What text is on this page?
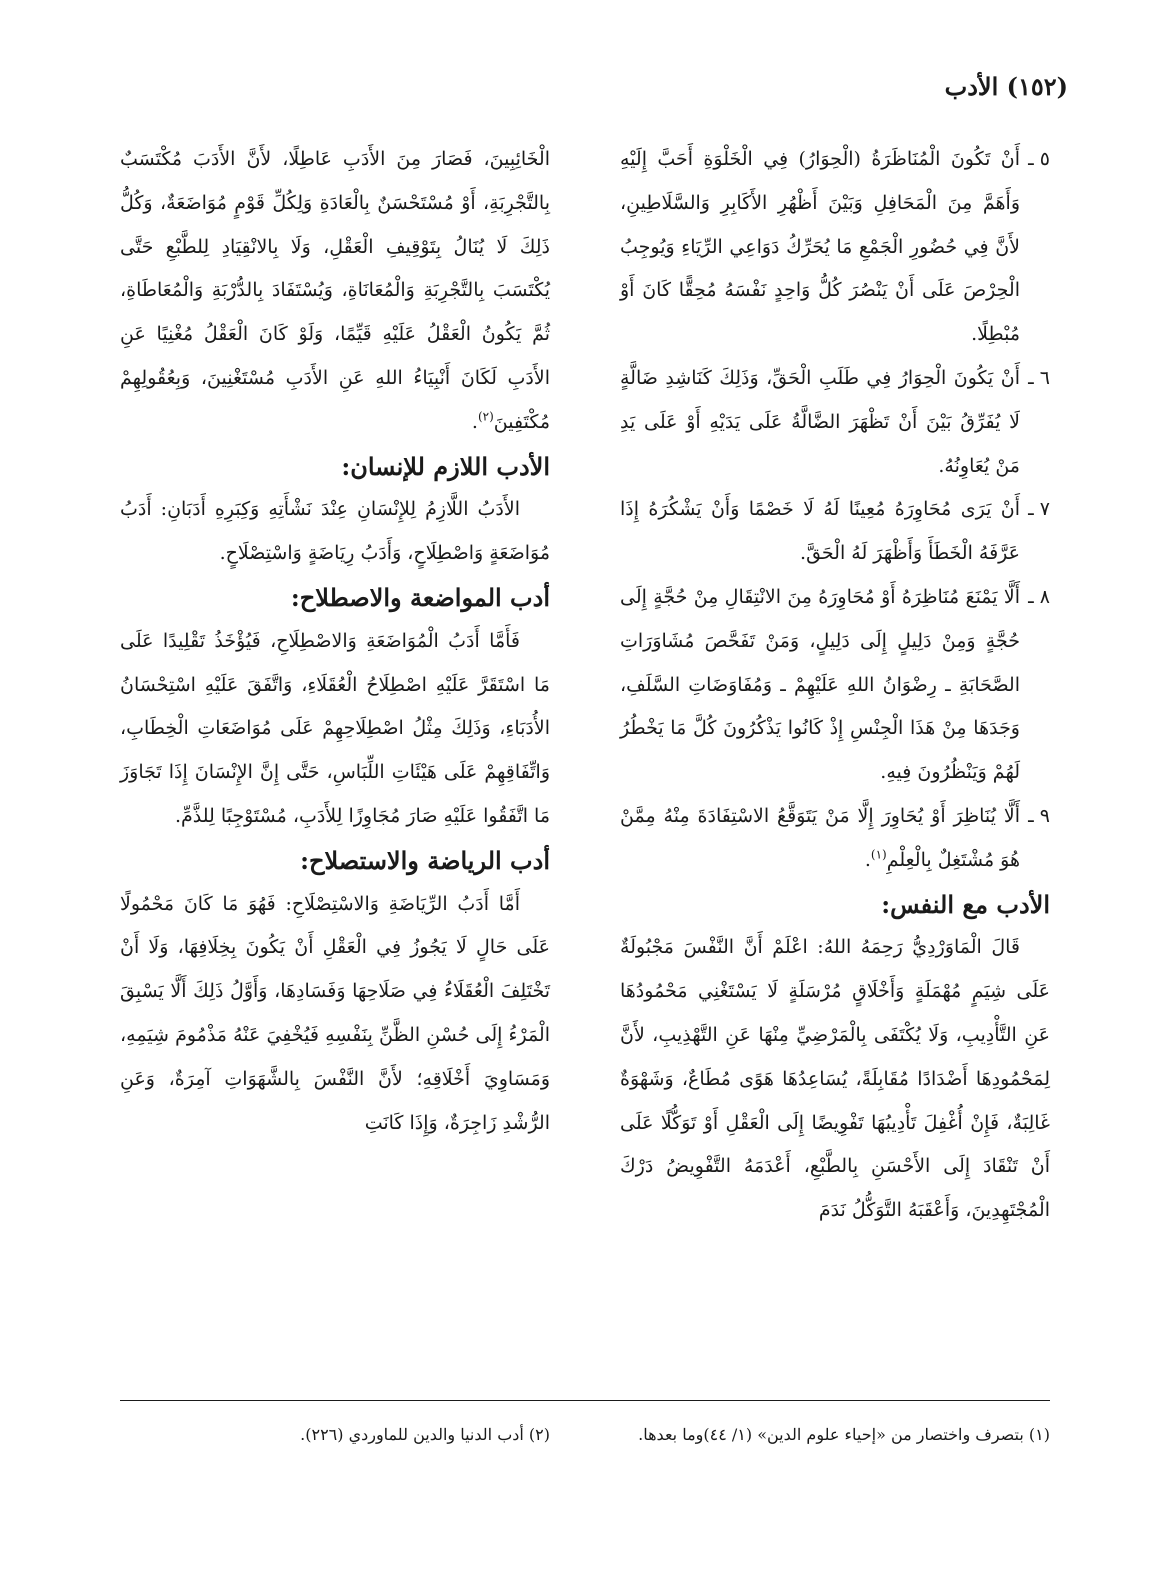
(١٥٢) الأدب
٥ ـ
أَنْ تَكُونَ الْمُنَاظَرَةُ (الْحِوَارُ) فِي الْخَلْوَةِ أَحَبَّ إِلَيْهِ وَأَهَمَّ مِنَ الْمَحَافِلِ وَبَيْنَ أَظْهُرِ الأَكَابِرِ وَالسَّلَاطِينِ، لأَنَّ فِي حُضُورِ الْجَمْعِ مَا يُحَرِّكُ دَوَاعِي الرِّيَاءِ وَيُوجِبُ الْحِرْصَ عَلَى أَنْ يَنْصُرَ كُلُّ وَاحِدٍ نَفْسَهُ مُحِقًّا كَانَ أَوْ مُبْطِلًا.
٦ ـ
أَنْ يَكُونَ الْحِوَارُ فِي طَلَبِ الْحَقِّ، وَذَلِكَ كَنَاشِدِ ضَالَّةٍ لَا يُفَرِّقُ بَيْنَ أَنْ تَظْهَرَ الضَّالَّةُ عَلَى يَدَيْهِ أَوْ عَلَى يَدِ مَنْ يُعَاوِنُهُ.
٧ ـ
أَنْ يَرَى مُحَاوِرَهُ مُعِينًا لَهُ لَا خَصْمًا وَأَنْ يَشْكُرَهُ إِذَا عَرَّفَهُ الْخَطَأَ وَأَظْهَرَ لَهُ الْحَقَّ.
٨ ـ
أَلَّا يَمْنَعَ مُنَاظِرَهُ أَوْ مُحَاوِرَهُ مِنَ الانْتِقَالِ مِنْ حُجَّةٍ إِلَى حُجَّةٍ وَمِنْ دَلِيلٍ إِلَى دَلِيلٍ، وَمَنْ تَفَحَّصَ مُشَاوَرَاتِ الصَّحَابَةِ ـ رِضْوَانُ اللهِ عَلَيْهِمْ ـ وَمُفَاوَضَاتِ السَّلَفِ، وَجَدَهَا مِنْ هَذَا الْجِنْسِ إِذْ كَانُوا يَذْكُرُونَ كُلَّ مَا يَخْطُرُ لَهُمْ وَيَنْظُرُونَ فِيهِ.
٩ ـ
أَلَّا يُنَاظِرَ أَوْ يُحَاوِرَ إِلَّا مَنْ يَتَوَقَّعُ الاسْتِفَادَةَ مِنْهُ مِمَّنْ هُوَ مُشْتَغِلٌ بِالْعِلْمِ$^{(١)}$.
الأدب مع النفس:

قَالَ الْمَاوَرْدِيُّ رَحِمَهُ اللهُ: اعْلَمْ أَنَّ النَّفْسَ مَجْبُولَةٌ عَلَى شِيَمٍ مُهْمَلَةٍ وَأَخْلَاقٍ مُرْسَلَةٍ لَا يَسْتَغْنِي مَحْمُودُهَا عَنِ التَّأْدِيبِ، وَلَا يُكْتَفَى بِالْمَرْضِيِّ مِنْهَا عَنِ التَّهْذِيبِ، لأَنَّ لِمَحْمُودِهَا أَضْدَادًا مُقَابِلَةً، يُسَاعِدُهَا هَوًى مُطَاعٌ، وَشَهْوَةٌ غَالِبَةٌ، فَإِنْ أُغْفِلَ تَأْدِيبُهَا تَفْوِيضًا إِلَى الْعَقْلِ أَوْ تَوَكُّلًا عَلَى أَنْ تَنْقَادَ إِلَى الأَحْسَنِ بِالطَّبْعِ، أَعْدَمَهُ التَّفْوِيضُ دَرْكَ الْمُجْتَهِدِينَ، وَأَعْقَبَهُ التَّوَكُّلُ نَدَمَ

الْخَائِبِينَ، فَصَارَ مِنَ الأَدَبِ عَاطِلًا، لأَنَّ الأَدَبَ مُكْتَسَبٌ بِالتَّجْرِبَةِ، أَوْ مُسْتَحْسَنٌ بِالْعَادَةِ وَلِكُلِّ قَوْمٍ مُوَاضَعَةٌ، وَكُلُّ ذَلِكَ لَا يُنَالُ بِتَوْقِيفِ الْعَقْلِ، وَلَا بِالانْقِيَادِ لِلطَّبْعِ حَتَّى يُكْتَسَبَ بِالتَّجْرِبَةِ وَالْمُعَانَاةِ، وَيُسْتَفَادَ بِالدُّرْبَةِ وَالْمُعَاطَاةِ، ثُمَّ يَكُونُ الْعَقْلُ عَلَيْهِ قَيِّمًا، وَلَوْ كَانَ الْعَقْلُ مُغْنِيًا عَنِ الأَدَبِ لَكَانَ أَنْبِيَاءُ اللهِ عَنِ الأَدَبِ مُسْتَغْنِينَ، وَبِعُقُولِهِمْ مُكْتَفِينَ$^{(٢)}$.

الأدب اللازم للإنسان:

الأَدَبُ اللَّازِمُ لِلإِنْسَانِ عِنْدَ نَشْأَتِهِ وَكِبَرِهِ أَدَبَانِ: أَدَبُ مُوَاضَعَةٍ وَاصْطِلَاحٍ، وَأَدَبُ رِيَاضَةٍ وَاسْتِصْلَاحٍ.

أدب المواضعة والاصطلاح:

فَأَمَّا أَدَبُ الْمُوَاضَعَةِ وَالاصْطِلَاحِ، فَيُؤْخَذُ تَقْلِيدًا عَلَى مَا اسْتَقَرَّ عَلَيْهِ اصْطِلَاحُ الْعُقَلَاءِ، وَاتَّفَقَ عَلَيْهِ اسْتِحْسَانُ الأُدَبَاءِ، وَذَلِكَ مِثْلُ اصْطِلَاحِهِمْ عَلَى مُوَاضَعَاتِ الْخِطَابِ، وَاتِّفَاقِهِمْ عَلَى هَيْئَاتِ اللِّبَاسِ، حَتَّى إِنَّ الإِنْسَانَ إِذَا تَجَاوَزَ مَا اتَّفَقُوا عَلَيْهِ صَارَ مُجَاوِزًا لِلأَدَبِ، مُسْتَوْجِبًا لِلذَّمِّ.

أدب الرياضة والاستصلاح:

أَمَّا أَدَبُ الرِّيَاضَةِ وَالاسْتِصْلَاحِ: فَهُوَ مَا كَانَ مَحْمُولًا عَلَى حَالٍ لَا يَجُوزُ فِي الْعَقْلِ أَنْ يَكُونَ بِخِلَافِهَا، وَلَا أَنْ تَخْتَلِفَ الْعُقَلَاءُ فِي صَلَاحِهَا وَفَسَادِهَا، وَأَوَّلُ ذَلِكَ أَلَّا يَسْبِقَ الْمَرْءُ إِلَى حُسْنِ الظَّنِّ بِنَفْسِهِ فَيُخْفِيَ عَنْهُ مَذْمُومَ شِيَمِهِ، وَمَسَاوِيَ أَخْلَاقِهِ؛ لأَنَّ النَّفْسَ بِالشَّهَوَاتِ آمِرَةٌ، وَعَنِ الرُّشْدِ زَاجِرَةٌ، وَإِذَا كَانَتِ

(١) بتصرف واختصار من «إحياء علوم الدين» (١/ ٤٤)وما بعدها.
(٢) أدب الدنيا والدين للماوردي (٢٢٦).
